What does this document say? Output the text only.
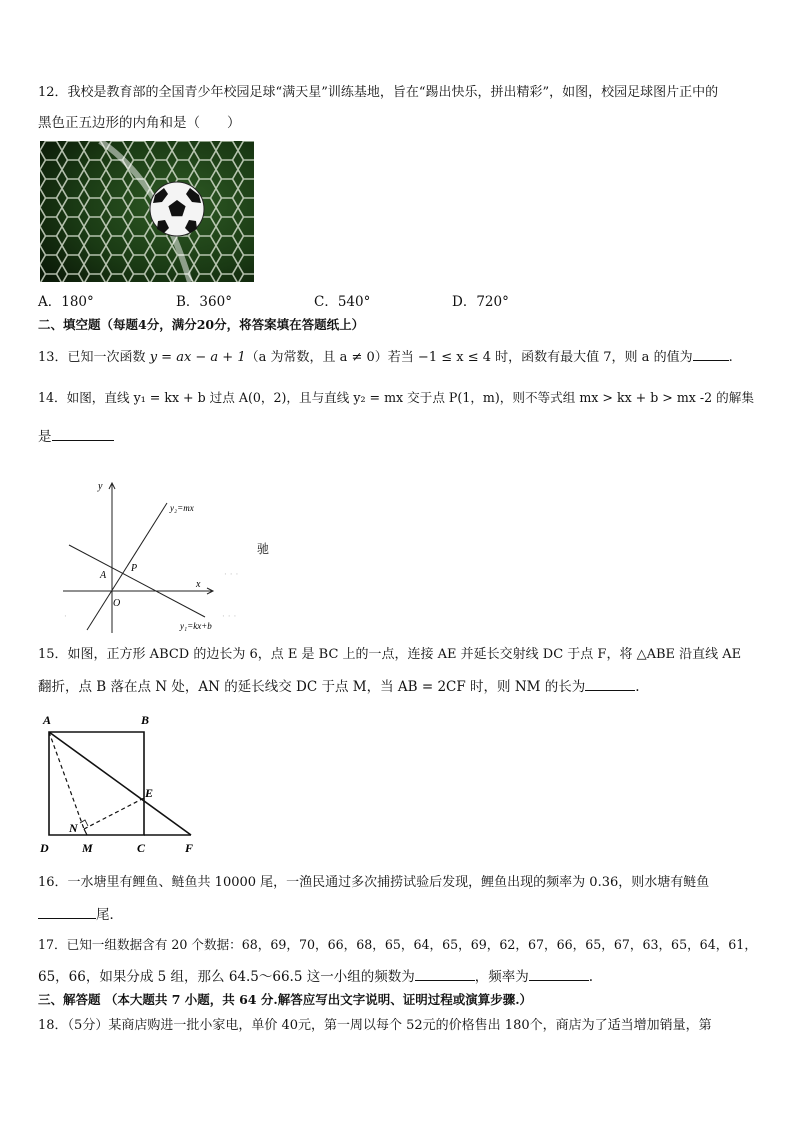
12．我校是教育部的全国青少年校园足球“满天星”训练基地，旨在“踢出快乐，拼出精彩”，如图，校园足球图片正中的
黑色正五边形的内角和是（　　）
A．180°	B．360°	C．540°	D．720°
二、填空题（每题4分，满分20分，将答案填在答题纸上）
13．已知一次函数 y = ax − a + 1（a 为常数，且 a ≠ 0）若当 −1 ≤ x ≤ 4 时，函数有最大值 7，则 a 的值为	.
14．如图，直线 y₁ = kx + b 过点 A(0，2)，且与直线 y₂ = mx 交于点 P(1，m)，则不等式组 mx > kx + b > mx -2 的解集
是
y
x
A
P
O
y₂=mx
y₁=kx+b
驰
· · ·
· · ·
·
15．如图，正方形 ABCD 的边长为 6，点 E 是 BC 上的一点，连接 AE 并延长交射线 DC 于点 F，将 △ABE 沿直线 AE
翻折，点 B 落在点 N 处，AN 的延长线交 DC 于点 M，当 AB = 2CF 时，则 NM 的长为	.
A	B
E
N
D	M	C	F
16．一水塘里有鲤鱼、鲢鱼共 10000 尾，一渔民通过多次捕捞试验后发现，鲤鱼出现的频率为 0.36，则水塘有鲢鱼
尾．
17．已知一组数据含有 20 个数据：68，69，70，66，68，65，64，65，69，62，67，66，65，67，63，65，64，61，
65，66，如果分成 5 组，那么 64.5～66.5 这一小组的频数为	，频率为	.
三、解答题 （本大题共 7 小题，共 64 分.解答应写出文字说明、证明过程或演算步骤.）
18．（5分）某商店购进一批小家电，单价 40元，第一周以每个 52元的价格售出 180个，商店为了适当增加销量，第
